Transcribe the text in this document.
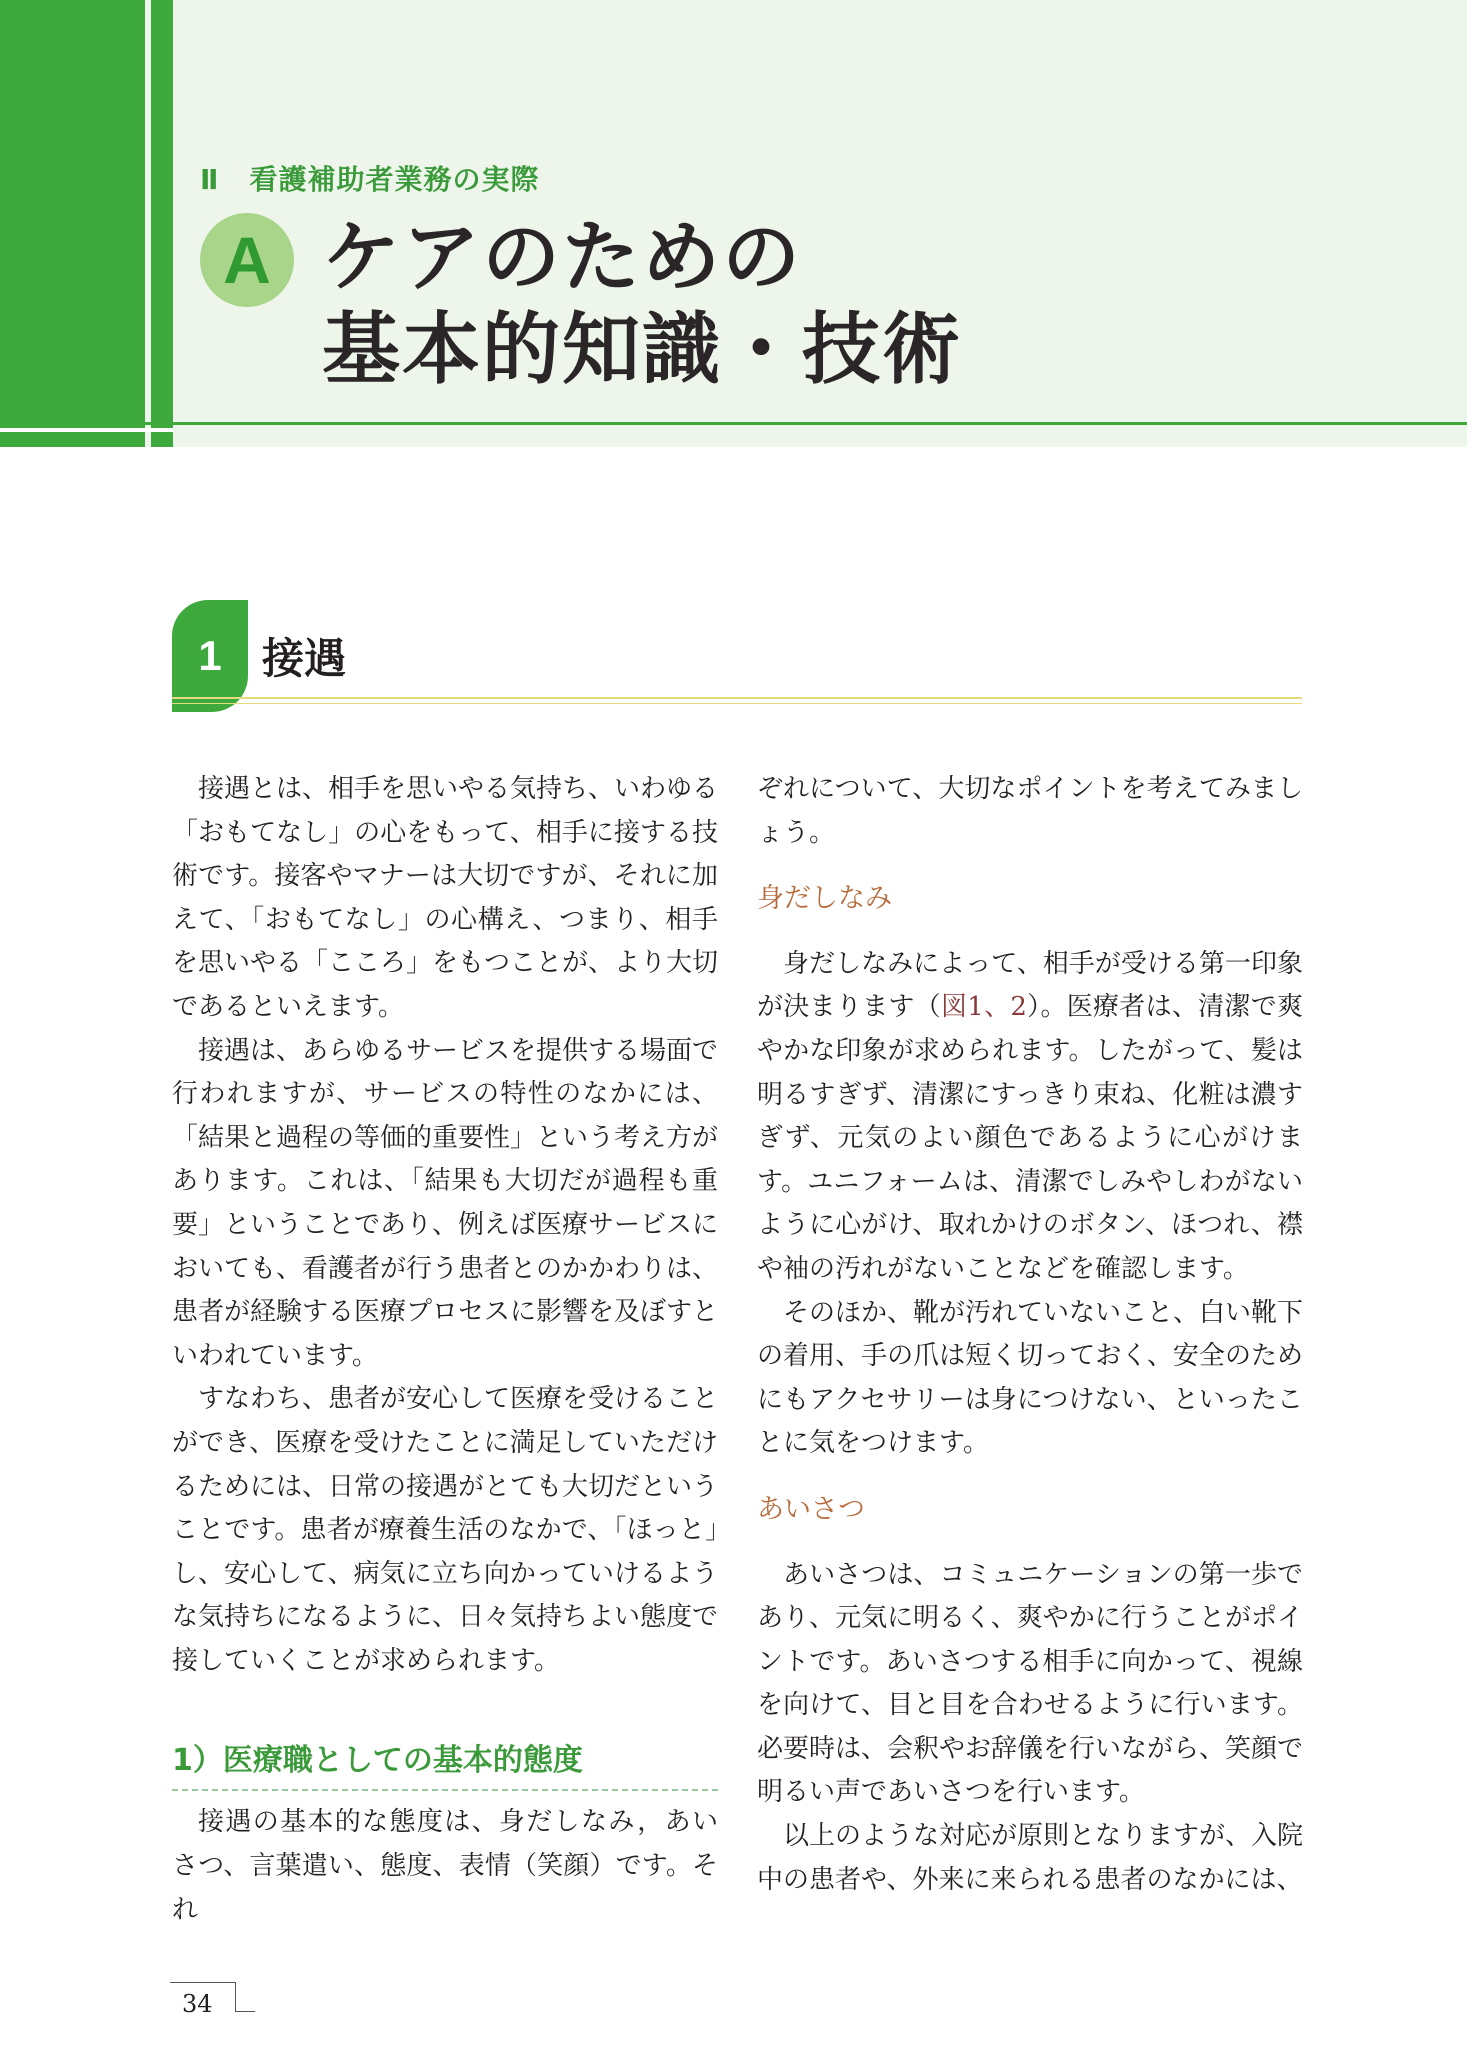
Ⅱ 看護補助者業務の実際
A ケアのための
基本的知識・技術
1 接遇

接遇とは、相手を思いやる気持ち、いわゆる「おもてなし」の心をもって、相手に接する技術です。接客やマナーは大切ですが、それに加えて、「おもてなし」の心構え、つまり、相手を思いやる「こころ」をもつことが、より大切であるといえます。

接遇は、あらゆるサービスを提供する場面で行われますが、サービスの特性のなかには、「結果と過程の等価的重要性」という考え方があります。これは、「結果も大切だが過程も重要」ということであり、例えば医療サービスにおいても、看護者が行う患者とのかかわりは、患者が経験する医療プロセスに影響を及ぼすといわれています。

すなわち、患者が安心して医療を受けることができ、医療を受けたことに満足していただけるためには、日常の接遇がとても大切だということです。患者が療養生活のなかで、「ほっと」し、安心して、病気に立ち向かっていけるような気持ちになるように、日々気持ちよい態度で接していくことが求められます。

1）医療職としての基本的態度

接遇の基本的な態度は、身だしなみ，あいさつ、言葉遣い、態度、表情（笑顔）です。それ

ぞれについて、大切なポイントを考えてみましょう。

身だしなみ

身だしなみによって、相手が受ける第一印象が決まります（図1、2）。医療者は、清潔で爽やかな印象が求められます。したがって、髪は明るすぎず、清潔にすっきり束ね、化粧は濃すぎず、元気のよい顔色であるように心がけます。ユニフォームは、清潔でしみやしわがないように心がけ、取れかけのボタン、ほつれ、襟や袖の汚れがないことなどを確認します。

そのほか、靴が汚れていないこと、白い靴下の着用、手の爪は短く切っておく、安全のためにもアクセサリーは身につけない、といったことに気をつけます。

あいさつ

あいさつは、コミュニケーションの第一歩であり、元気に明るく、爽やかに行うことがポイントです。あいさつする相手に向かって、視線を向けて、目と目を合わせるように行います。必要時は、会釈やお辞儀を行いながら、笑顔で明るい声であいさつを行います。

以上のような対応が原則となりますが、入院中の患者や、外来に来られる患者のなかには、

34
